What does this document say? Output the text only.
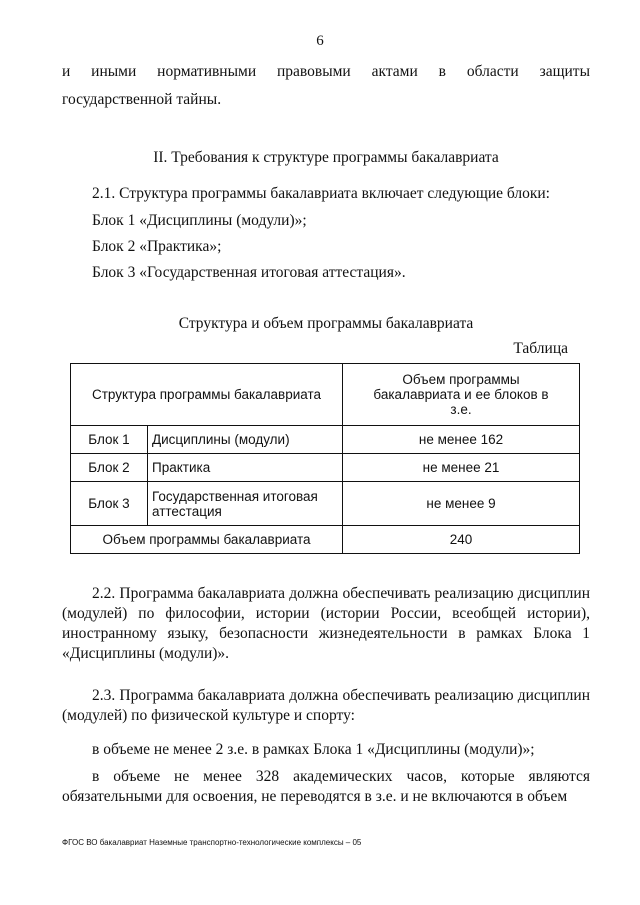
6

и иными нормативными правовыми актами в области защиты

государственной тайны.

II. Требования к структуре программы бакалавриата

2.1. Структура программы бакалавриата включает следующие блоки:

Блок 1 «Дисциплины (модули)»;

Блок 2 «Практика»;

Блок 3 «Государственная итоговая аттестация».

Структура и объем программы бакалавриата

Таблица

Структура программы бакалавриата		Объем программы бакалавриата и ее блоков в з.е.
Блок 1	Дисциплины (модули)	не менее 162
Блок 2	Практика	не менее 21
Блок 3	Государственная итоговая аттестация	не менее 9
Объем программы бакалавриата		240

2.2. Программа бакалавриата должна обеспечивать реализацию дисциплин (модулей) по философии, истории (истории России, всеобщей истории), иностранному языку, безопасности жизнедеятельности в рамках Блока 1 «Дисциплины (модули)».

2.3. Программа бакалавриата должна обеспечивать реализацию дисциплин (модулей) по физической культуре и спорту:

в объеме не менее 2 з.е. в рамках Блока 1 «Дисциплины (модули)»;

в объеме не менее 328 академических часов, которые являются обязательными для освоения, не переводятся в з.е. и не включаются в объем

ФГОС ВО бакалавриат Наземные транспортно-технологические комплексы – 05
